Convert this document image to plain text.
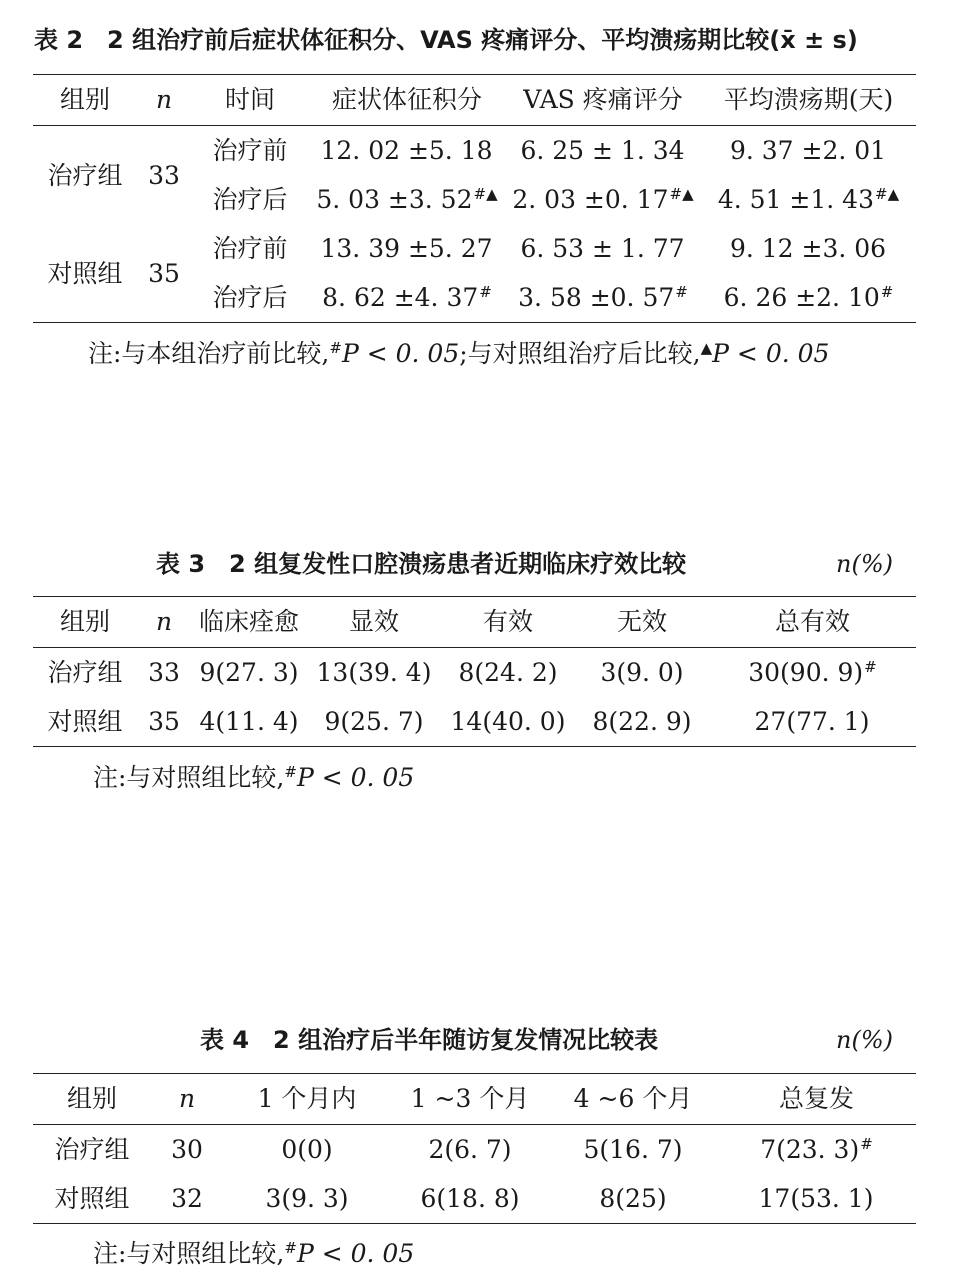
表 2　2 组治疗前后症状体征积分、VAS 疼痛评分、平均溃疡期比较(x̄ ± s)
组别	n	时间	症状体征积分	VAS 疼痛评分	平均溃疡期(天)
治疗组	33	治疗前	12. 02 ±5. 18	6. 25 ± 1. 34	9. 37 ±2. 01
		治疗后	5. 03 ±3. 52#▲	2. 03 ±0. 17#▲	4. 51 ±1. 43#▲
对照组	35	治疗前	13. 39 ±5. 27	6. 53 ± 1. 77	9. 12 ±3. 06
		治疗后	8. 62 ±4. 37#	3. 58 ±0. 57#	6. 26 ±2. 10#
注:与本组治疗前比较,#P < 0. 05;与对照组治疗后比较,▲P < 0. 05
表 3　2 组复发性口腔溃疡患者近期临床疗效比较	n(%)
组别	n	临床痊愈	显效	有效	无效	总有效
治疗组	33	9(27. 3)	13(39. 4)	8(24. 2)	3(9. 0)	30(90. 9)#
对照组	35	4(11. 4)	9(25. 7)	14(40. 0)	8(22. 9)	27(77. 1)
注:与对照组比较,#P < 0. 05
表 4　2 组治疗后半年随访复发情况比较表	n(%)
组别	n	1 个月内	1 ~3 个月	4 ~6 个月	总复发
治疗组	30	0(0)	2(6. 7)	5(16. 7)	7(23. 3)#
对照组	32	3(9. 3)	6(18. 8)	8(25)	17(53. 1)
注:与对照组比较,#P < 0. 05
